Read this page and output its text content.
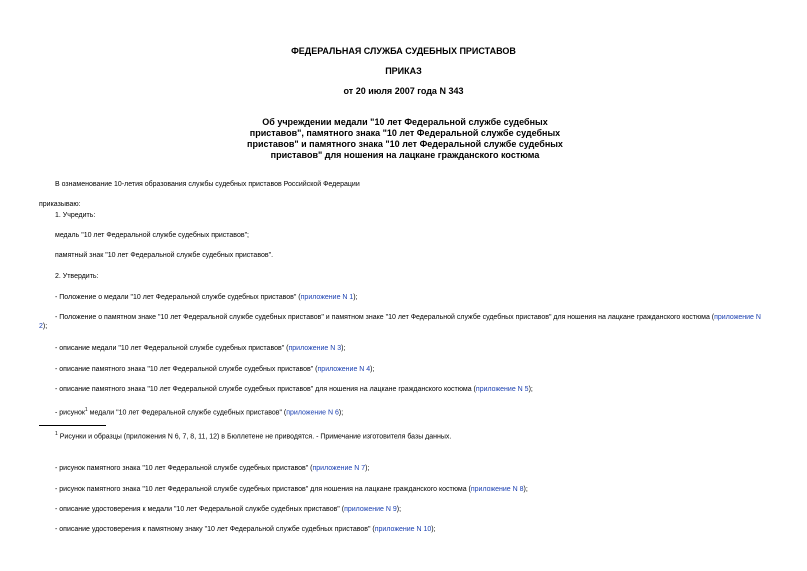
ФЕДЕРАЛЬНАЯ СЛУЖБА СУДЕБНЫХ ПРИСТАВОВ
ПРИКАЗ
от 20 июля 2007 года N 343
Об учреждении медали "10 лет Федеральной службе судебных
приставов", памятного знака "10 лет Федеральной службе судебных
приставов" и памятного знака "10 лет Федеральной службе судебных
приставов" для ношения на лацкане гражданского костюма
В ознаменование 10-летия образования службы судебных приставов Российской Федерации
приказываю:
1. Учредить:
медаль "10 лет Федеральной службе судебных приставов";
памятный знак "10 лет Федеральной службе судебных приставов".
2. Утвердить:
- Положение о медали "10 лет Федеральной службе судебных приставов" (приложение N 1);
- Положение о памятном знаке "10 лет Федеральной службе судебных приставов" и памятном знаке "10 лет Федеральной службе судебных приставов" для ношения на лацкане гражданского костюма (приложение N 2);
- описание медали "10 лет Федеральной службе судебных приставов" (приложение N 3);
- описание памятного знака "10 лет Федеральной службе судебных приставов" (приложение N 4);
- описание памятного знака "10 лет Федеральной службе судебных приставов" для ношения на лацкане гражданского костюма (приложение N 5);
- рисунок$^1$ медали "10 лет Федеральной службе судебных приставов" (приложение N 6);
$^1$ Рисунки и образцы (приложения N 6, 7, 8, 11, 12) в Бюллетене не приводятся. - Примечание изготовителя базы данных.
- рисунок памятного знака "10 лет Федеральной службе судебных приставов" (приложение N 7);
- рисунок памятного знака "10 лет Федеральной службе судебных приставов" для ношения на лацкане гражданского костюма (приложение N 8);
- описание удостоверения к медали "10 лет Федеральной службе судебных приставов" (приложение N 9);
- описание удостоверения к памятному знаку "10 лет Федеральной службе судебных приставов" (приложение N 10);
